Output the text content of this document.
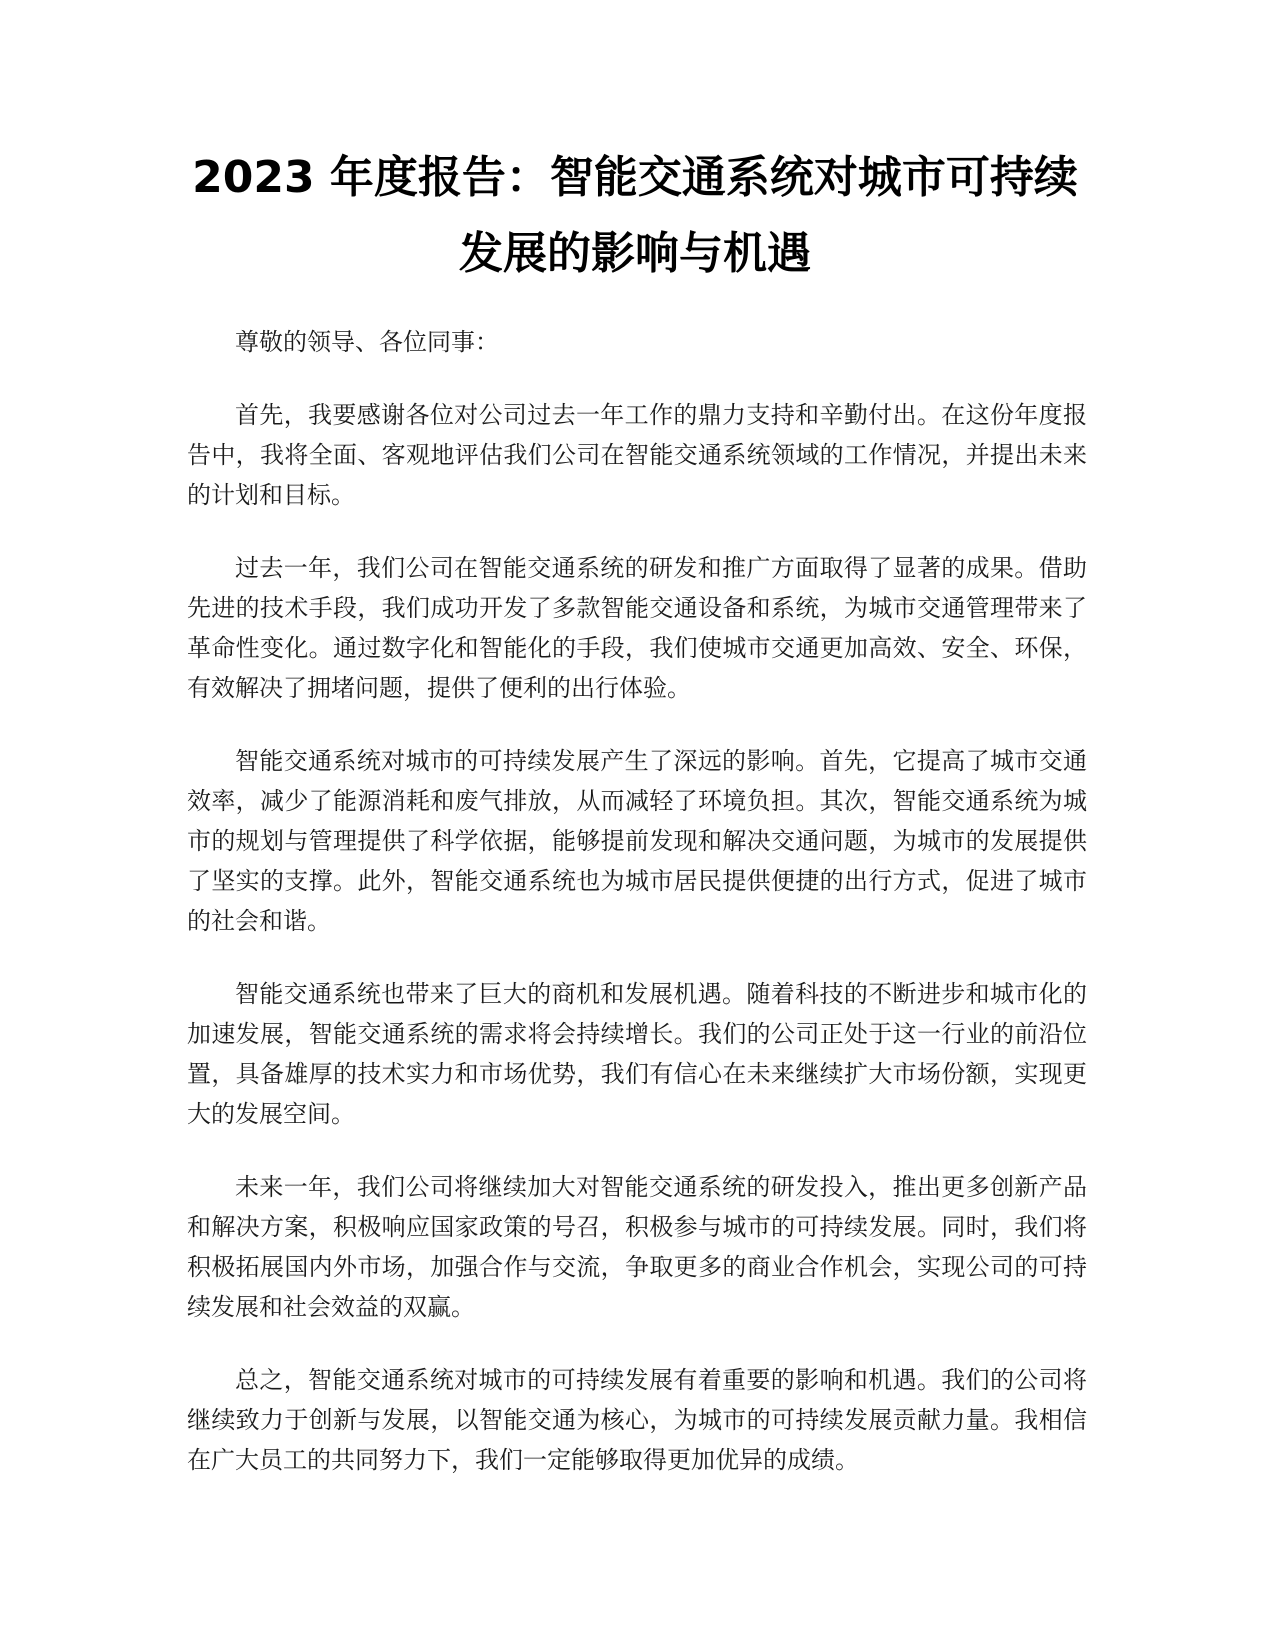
2023 年度报告：智能交通系统对城市可持续
发展的影响与机遇

尊敬的领导、各位同事：

首先，我要感谢各位对公司过去一年工作的鼎力支持和辛勤付出。在这份年度报告中，我将全面、客观地评估我们公司在智能交通系统领域的工作情况，并提出未来的计划和目标。

过去一年，我们公司在智能交通系统的研发和推广方面取得了显著的成果。借助先进的技术手段，我们成功开发了多款智能交通设备和系统，为城市交通管理带来了革命性变化。通过数字化和智能化的手段，我们使城市交通更加高效、安全、环保，有效解决了拥堵问题，提供了便利的出行体验。

智能交通系统对城市的可持续发展产生了深远的影响。首先，它提高了城市交通效率，减少了能源消耗和废气排放，从而减轻了环境负担。其次，智能交通系统为城市的规划与管理提供了科学依据，能够提前发现和解决交通问题，为城市的发展提供了坚实的支撑。此外，智能交通系统也为城市居民提供便捷的出行方式，促进了城市的社会和谐。

智能交通系统也带来了巨大的商机和发展机遇。随着科技的不断进步和城市化的加速发展，智能交通系统的需求将会持续增长。我们的公司正处于这一行业的前沿位置，具备雄厚的技术实力和市场优势，我们有信心在未来继续扩大市场份额，实现更大的发展空间。

未来一年，我们公司将继续加大对智能交通系统的研发投入，推出更多创新产品和解决方案，积极响应国家政策的号召，积极参与城市的可持续发展。同时，我们将积极拓展国内外市场，加强合作与交流，争取更多的商业合作机会，实现公司的可持续发展和社会效益的双赢。

总之，智能交通系统对城市的可持续发展有着重要的影响和机遇。我们的公司将继续致力于创新与发展，以智能交通为核心，为城市的可持续发展贡献力量。我相信在广大员工的共同努力下，我们一定能够取得更加优异的成绩。
